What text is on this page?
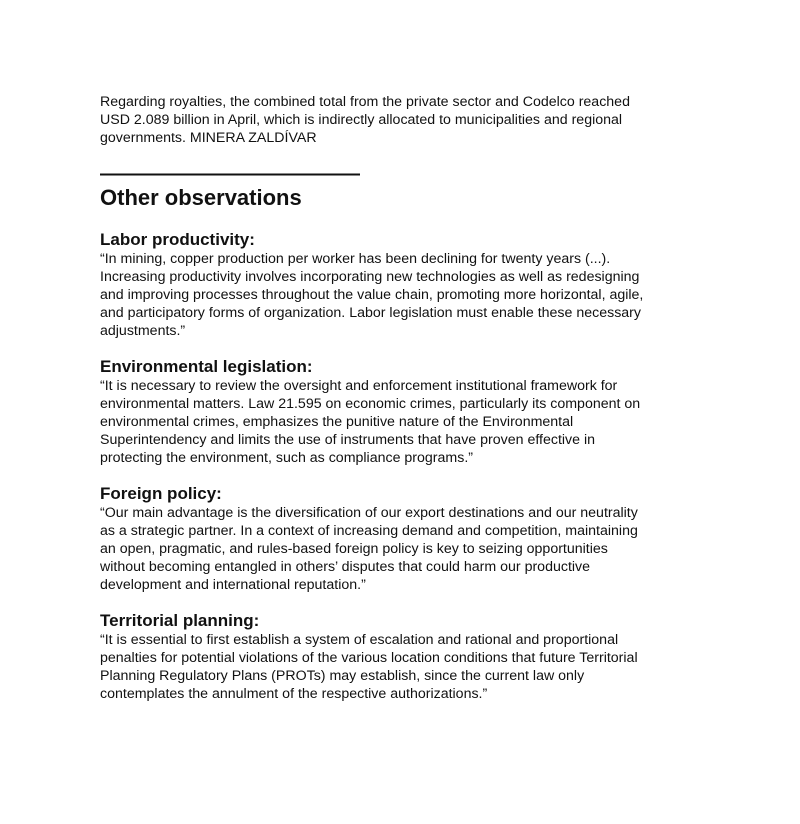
Regarding royalties, the combined total from the private sector and Codelco reached
USD 2.089 billion in April, which is indirectly allocated to municipalities and regional
governments. MINERA ZALDÍVAR

—————————————
Other observations
Labor productivity:

“In mining, copper production per worker has been declining for twenty years (...).
Increasing productivity involves incorporating new technologies as well as redesigning
and improving processes throughout the value chain, promoting more horizontal, agile,
and participatory forms of organization. Labor legislation must enable these necessary
adjustments.”

Environmental legislation:

“It is necessary to review the oversight and enforcement institutional framework for
environmental matters. Law 21.595 on economic crimes, particularly its component on
environmental crimes, emphasizes the punitive nature of the Environmental
Superintendency and limits the use of instruments that have proven effective in
protecting the environment, such as compliance programs.”

Foreign policy:

“Our main advantage is the diversification of our export destinations and our neutrality
as a strategic partner. In a context of increasing demand and competition, maintaining
an open, pragmatic, and rules-based foreign policy is key to seizing opportunities
without becoming entangled in others’ disputes that could harm our productive
development and international reputation.”

Territorial planning:

“It is essential to first establish a system of escalation and rational and proportional
penalties for potential violations of the various location conditions that future Territorial
Planning Regulatory Plans (PROTs) may establish, since the current law only
contemplates the annulment of the respective authorizations.”
